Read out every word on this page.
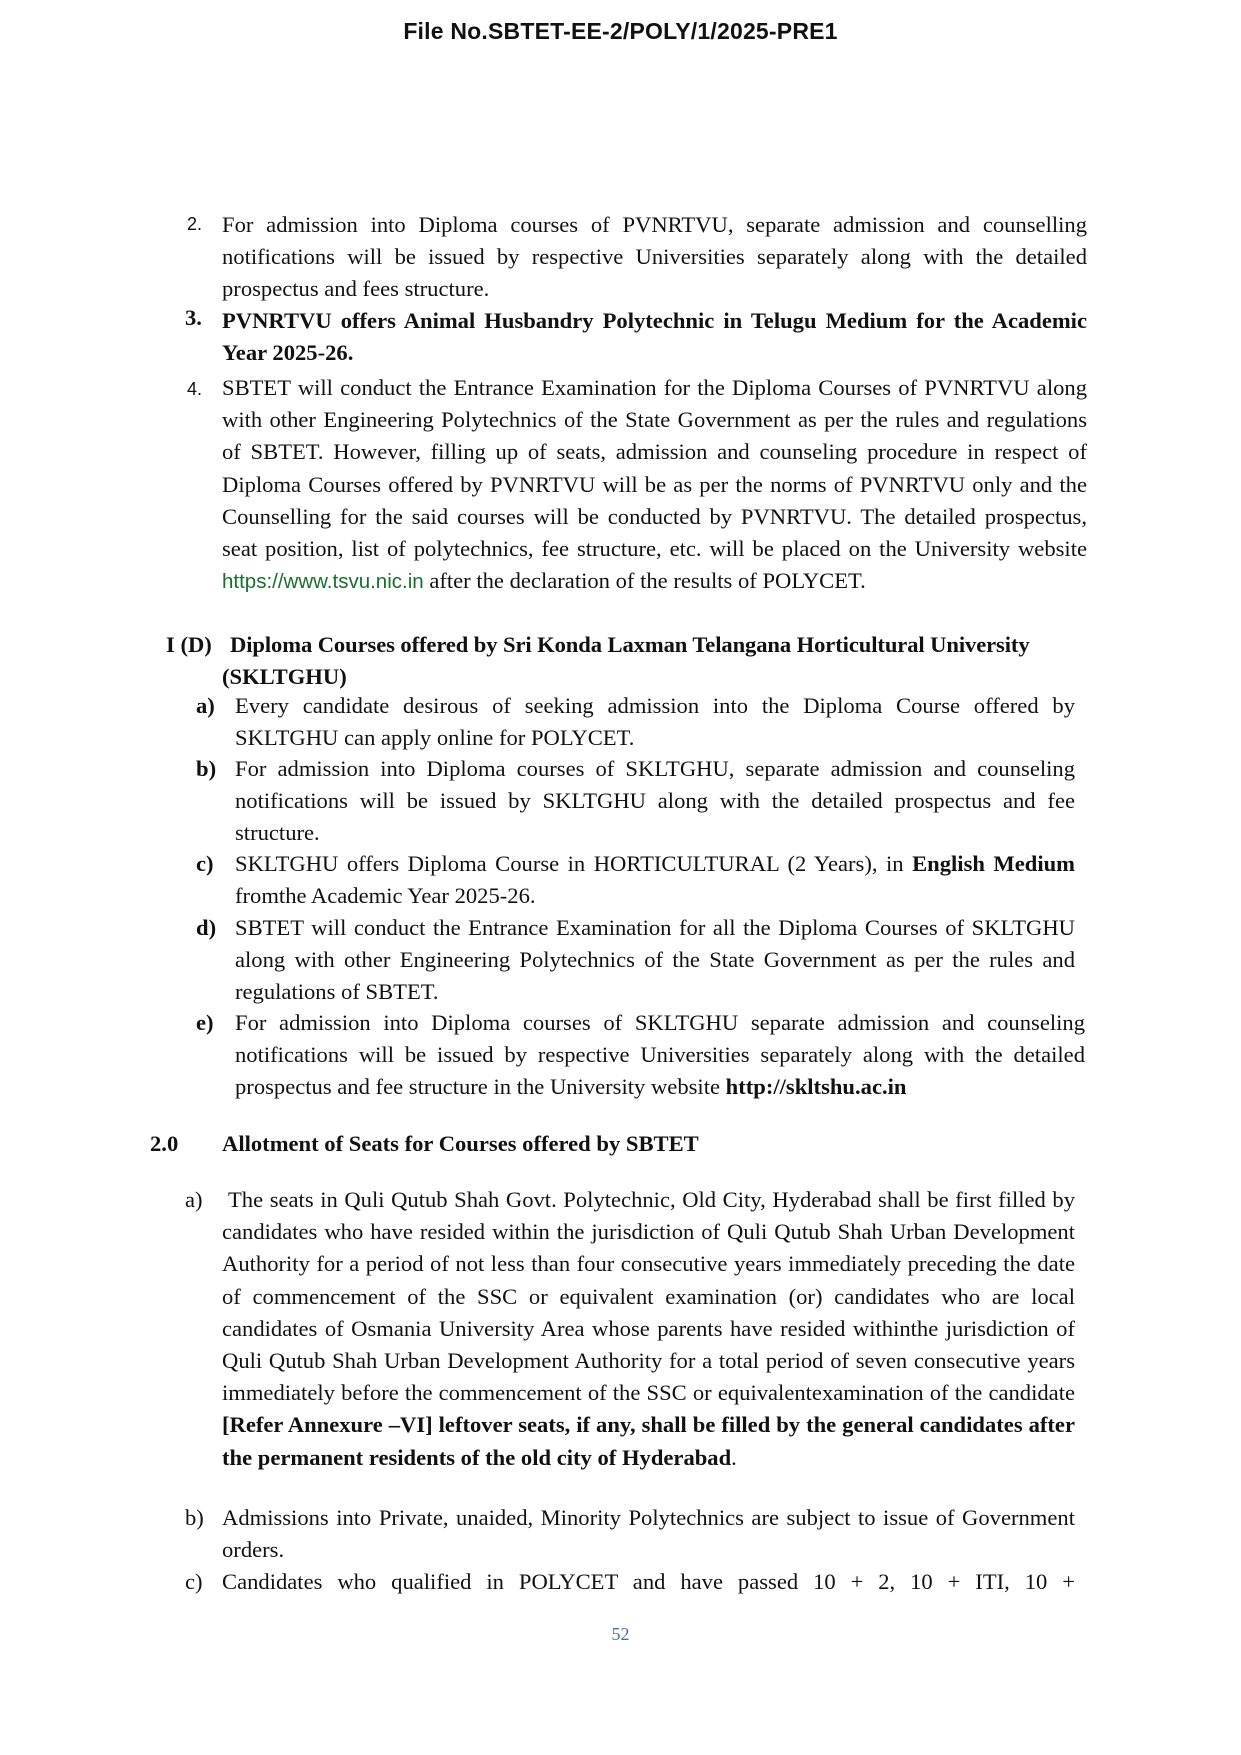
File No.SBTET-EE-2/POLY/1/2025-PRE1
2. For admission into Diploma courses of PVNRTVU, separate admission and counselling notifications will be issued by respective Universities separately along with the detailed prospectus and fees structure.
3. PVNRTVU offers Animal Husbandry Polytechnic in Telugu Medium for the Academic Year 2025-26.
4. SBTET will conduct the Entrance Examination for the Diploma Courses of PVNRTVU along with other Engineering Polytechnics of the State Government as per the rules and regulations of SBTET. However, filling up of seats, admission and counseling procedure in respect of Diploma Courses offered by PVNRTVU will be as per the norms of PVNRTVU only and the Counselling for the said courses will be conducted by PVNRTVU. The detailed prospectus, seat position, list of polytechnics, fee structure, etc. will be placed on the University website https://www.tsvu.nic.in after the declaration of the results of POLYCET.
I (D) Diploma Courses offered by Sri Konda Laxman Telangana Horticultural University
(SKLTGHU)
a) Every candidate desirous of seeking admission into the Diploma Course offered by SKLTGHU can apply online for POLYCET.
b) For admission into Diploma courses of SKLTGHU, separate admission and counseling notifications will be issued by SKLTGHU along with the detailed prospectus and fee structure.
c) SKLTGHU offers Diploma Course in HORTICULTURAL (2 Years), in English Medium fromthe Academic Year 2025-26.
d) SBTET will conduct the Entrance Examination for all the Diploma Courses of SKLTGHU along with other Engineering Polytechnics of the State Government as per the rules and regulations of SBTET.
e) For admission into Diploma courses of SKLTGHU separate admission and counseling notifications will be issued by respective Universities separately along with the detailed prospectus and fee structure in the University website http://skltshu.ac.in
2.0 Allotment of Seats for Courses offered by SBTET
a) The seats in Quli Qutub Shah Govt. Polytechnic, Old City, Hyderabad shall be first filled by candidates who have resided within the jurisdiction of Quli Qutub Shah Urban Development Authority for a period of not less than four consecutive years immediately preceding the date of commencement of the SSC or equivalent examination (or) candidates who are local candidates of Osmania University Area whose parents have resided withinthe jurisdiction of Quli Qutub Shah Urban Development Authority for a total period of seven consecutive years immediately before the commencement of the SSC or equivalentexamination of the candidate [Refer Annexure –VI] leftover seats, if any, shall be filled by the general candidates after the permanent residents of the old city of Hyderabad.
b) Admissions into Private, unaided, Minority Polytechnics are subject to issue of Government orders.
c) Candidates who qualified in POLYCET and have passed 10 + 2, 10 + ITI, 10 +
52
